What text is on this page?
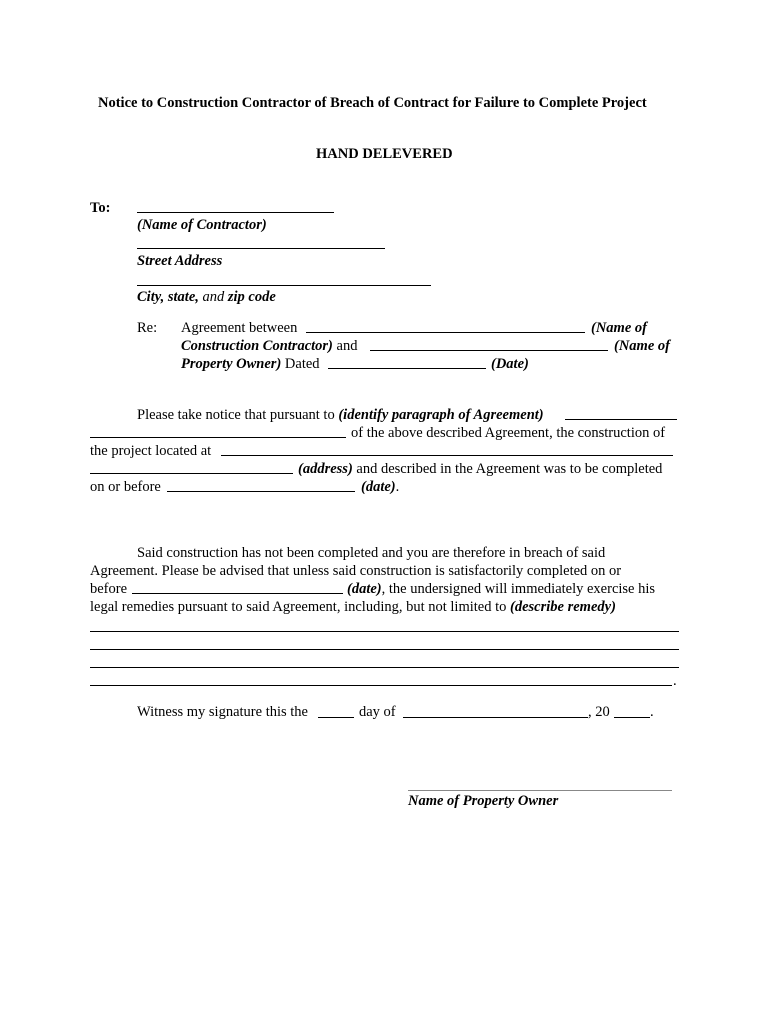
Notice to Construction Contractor of Breach of Contract for Failure to Complete Project
HAND DELEVERED
To:
(Name of Contractor)
Street Address
City, state, and zip code
Re: Agreement between	(Name of
Construction Contractor) and	(Name of
Property Owner) Dated	(Date)
Please take notice that pursuant to (identify paragraph of Agreement)
of the above described Agreement, the construction of
the project located at
(address) and described in the Agreement was to be completed
on or before	(date).
Said construction has not been completed and you are therefore in breach of said
Agreement. Please be advised that unless said construction is satisfactorily completed on or
before	(date), the undersigned will immediately exercise his
legal remedies pursuant to said Agreement, including, but not limited to (describe remedy)
.
Witness my signature this the	day of	, 20	.
Name of Property Owner
